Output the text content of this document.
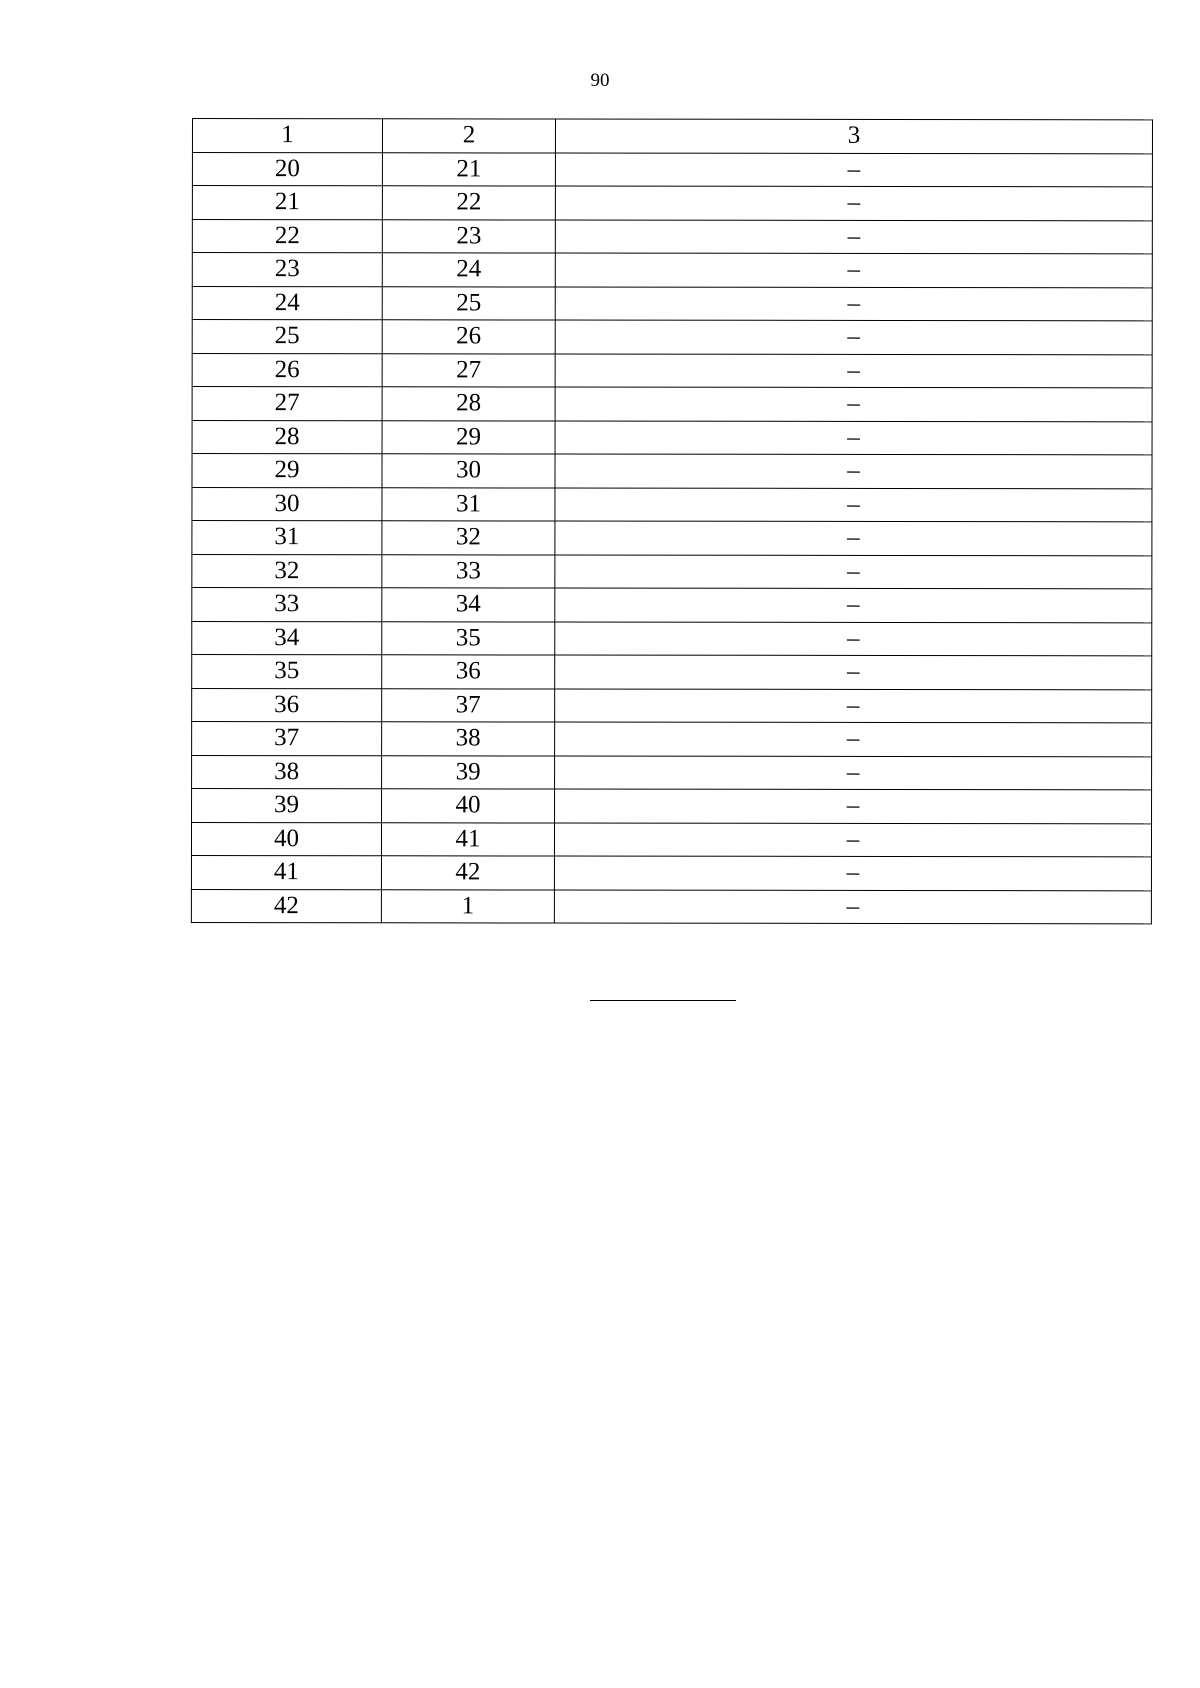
90
1	2	3
20	21	–
21	22	–
22	23	–
23	24	–
24	25	–
25	26	–
26	27	–
27	28	–
28	29	–
29	30	–
30	31	–
31	32	–
32	33	–
33	34	–
34	35	–
35	36	–
36	37	–
37	38	–
38	39	–
39	40	–
40	41	–
41	42	–
42	1	–
